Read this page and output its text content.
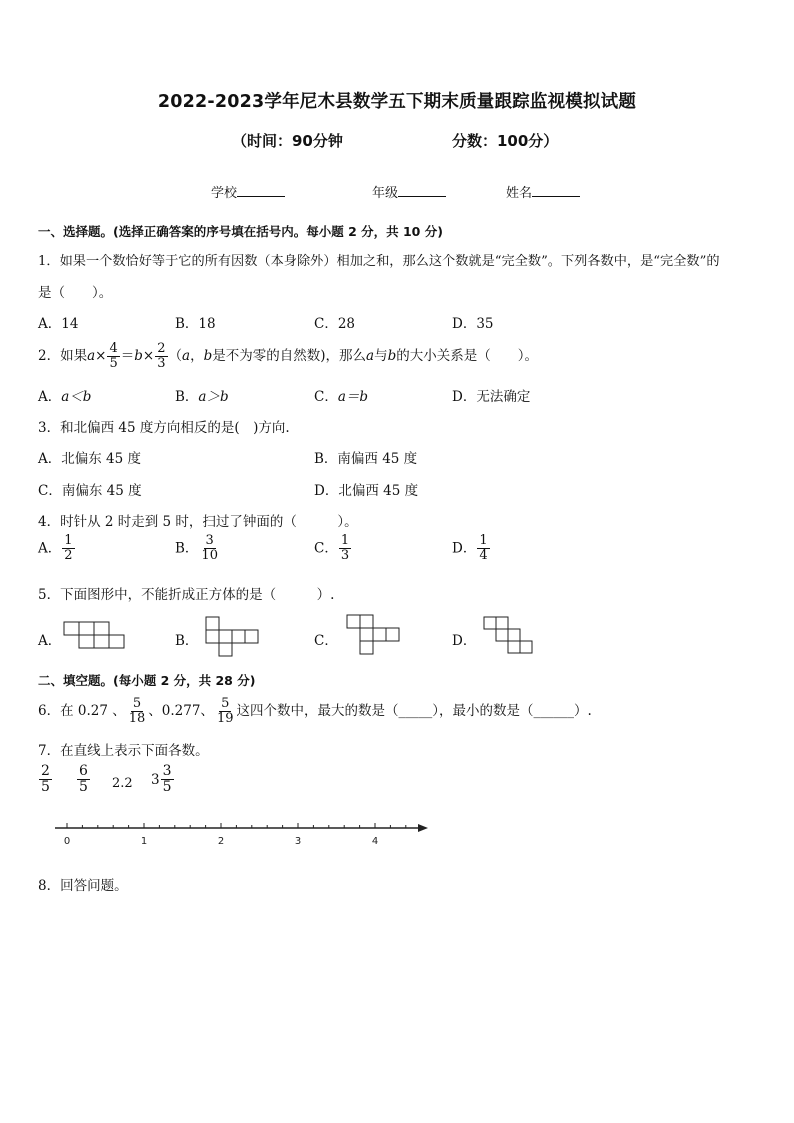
2022-2023学年尼木县数学五下期末质量跟踪监视模拟试题
（时间：90分钟	分数：100分）
学校	年级	姓名
一、选择题。(选择正确答案的序号填在括号内。每小题 2 分，共 10 分)
1．如果一个数恰好等于它的所有因数（本身除外）相加之和，那么这个数就是“完全数”。下列各数中，是“完全数”的
是（　　）。
A．14	B．18	C．28	D．35
2．如果$a\times \frac{4}{5} =b\times \frac{2}{3} (a$，b是不为零的自然数)，那么a与b的大小关系是（　　）。
A．a＜b	B．a＞b	C．a＝b	D．无法确定
3．和北偏西 45 度方向相反的是(　)方向.
A．北偏东 45 度	B．南偏西 45 度
C．南偏东 45 度	D．北偏西 45 度
4．时针从 2 时走到 5 时，扫过了钟面的（　　　）。
A． $\frac{1}{2}$	B． $\frac{3}{10}$	C． $\frac{1}{3}$	D． $\frac{1}{4}$
5．下面图形中，不能折成正方体的是（　　　）.
A．	B．	C．	D．
二、填空题。(每小题 2 分，共 28 分)
6．在 0.27 、 $\frac{5}{18}$ 、0.277、 $\frac{5}{19}$ 这四个数中，最大的数是（_____），最小的数是（______）.
7．在直线上表示下面各数。
$\frac{2}{5} \frac{6}{5} 2.2$ $3 \frac{3}{5}$
0	1	2	3	4
8．回答问题。
